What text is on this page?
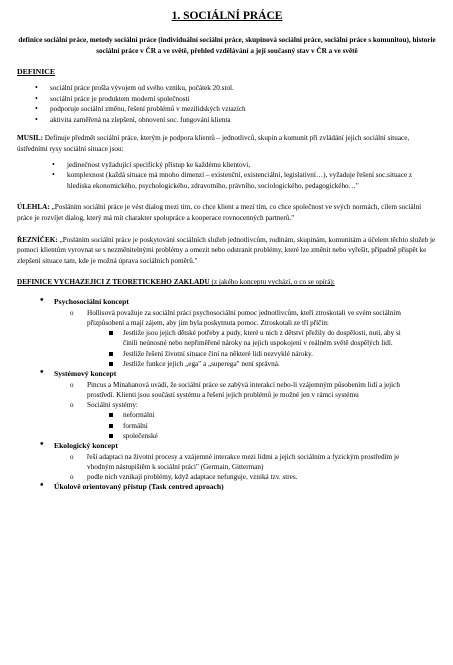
1. SOCIÁLNÍ PRÁCE
definice sociální práce, metody sociální práce (individuální sociální práce, skupinová sociální práce, sociální práce s komunitou), historie sociální práce v ČR a ve světě, přehled vzdělávání a její současný stav v ČR a ve světě
DEFINICE
• sociální práce prošla vývojem od svého vzniku, počátek 20.stol.
• sociální práce je produktem moderní společnosti
• podporuje sociální změnu, řešení problémů v mezilidských vztazích
• aktivita zaměřená na zlepšení, obnovení soc. fungování klienta

MUSIL: Definuje předmět sociální práce, kterým je podpora klientů – jednotlivců, skupin a komunit při zvládání jejich sociální situace, ústředními rysy sociální situace jsou:

• jedinečnost vyžadující specifický přístup ke každému klientovi,
• komplexnost (každá situace má mnoho dimenzí – existenční, existenciální, legislativní…), vyžaduje řešení soc.situace z hlediska ekonomického, psychologického, zdravotního, právního, sociologického, pedagogického…"

ÚLEHLA: „Posláním sociální práce je vést dialog mezi tím, co chce klient a mezi tím, co chce společnost ve svých normách, cílem sociální práce je rozvíjet dialog, který má mít charakter spolupráce a kooperace rovnocenných partnerů."

ŘEZNÍČEK: „Posláním sociální práce je poskytování sociálních služeb jednotlivcům, rodinám, skupinám, komunitám a účelem těchto služeb je pomoci klientům vyrovnat se s nezměnitelnými problémy a omezit nebo odstranit problémy, které lze změnit nebo vyřešit, případně přispět ke zlepšení situace tam, kde je možná úprava sociálních poměrů."

DEFINICE VYCHAZEJICI Z TEORETICKEHO ZAKLADU (z jakého konceptu vychází, o co se opírá):

• Psychosociální koncept
o Hollisová považuje za sociální práci psychosociální pomoc jednotlivcům, kteří ztroskotali ve svém sociálním přizpůsobení a mají zájem, aby jim byla poskytnuta pomoc. Ztroskotali ze tří příčin:
Jestliže jsou jejich dětské potřeby a pudy, které u nich z dětství přežily do dospělosti, nutí, aby si činili neúnosné nebo nepřiměřené nároky na jejich uspokojení v reálném světě dospělých lidí.
Jestliže řešení životní situace činí na některé lidi nezvyklé nároky.
Jestliže funkce jejich „ega" a „superega" není správná.
• Systémový koncept
o Pincus a Minahanová uvádí, že sociální práce se zabývá interakcí nebo-li vzájemným působením lidí a jejich prostředí. Klienti jsou součástí systému a řešení jejich problémů je možné jen v rámci systému
o Sociální systémy:
neformální
formální
společenské
• Ekologický koncept
o řeší adaptaci na životní procesy a vzájemné interakce mezi lidmi a jejich sociálním a fyzickým prostředím je vhodným nástupištěm k sociální práci" (Germain, Gitterman)
o podle nich vznikají problémy, když adaptace nefunguje, vzniká tzv. stres.
• Úkolově orientovaný přístup (Task centred aproach)
